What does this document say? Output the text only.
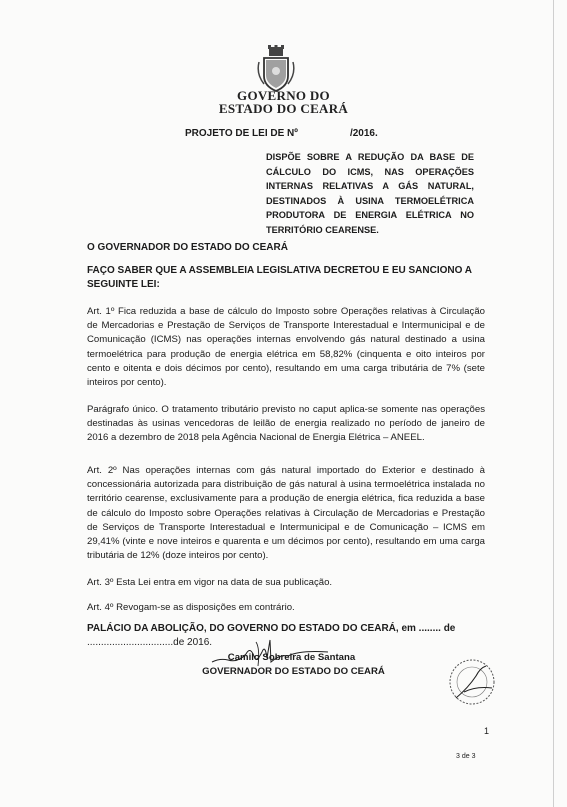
GOVERNO DO
ESTADO DO CEARÁ
PROJETO DE LEI DE Nº	/2016.
DISPÕE SOBRE A REDUÇÃO DA BASE DE CÁLCULO DO ICMS, NAS OPERAÇÕES INTERNAS RELATIVAS A GÁS NATURAL, DESTINADOS À USINA TERMOELÉTRICA PRODUTORA DE ENERGIA ELÉTRICA NO TERRITÓRIO CEARENSE.
O GOVERNADOR DO ESTADO DO CEARÁ
FAÇO SABER QUE A ASSEMBLEIA LEGISLATIVA DECRETOU E EU SANCIONO A SEGUINTE LEI:
Art. 1º Fica reduzida a base de cálculo do Imposto sobre Operações relativas à Circulação de Mercadorias e Prestação de Serviços de Transporte Interestadual e Intermunicipal e de Comunicação (ICMS) nas operações internas envolvendo gás natural destinado a usina termoelétrica para produção de energia elétrica em 58,82% (cinquenta e oito inteiros por cento e oitenta e dois décimos por cento), resultando em uma carga tributária de 7% (sete inteiros por cento).
Parágrafo único. O tratamento tributário previsto no caput aplica-se somente nas operações destinadas às usinas vencedoras de leilão de energia realizado no período de janeiro de 2016 a dezembro de 2018 pela Agência Nacional de Energia Elétrica – ANEEL.
Art. 2º Nas operações internas com gás natural importado do Exterior e destinado à concessionária autorizada para distribuição de gás natural à usina termoelétrica instalada no território cearense, exclusivamente para a produção de energia elétrica, fica reduzida a base de cálculo do Imposto sobre Operações relativas à Circulação de Mercadorias e Prestação de Serviços de Transporte Interestadual e Intermunicipal e de Comunicação – ICMS em 29,41% (vinte e nove inteiros e quarenta e um décimos por cento), resultando em uma carga tributária de 12% (doze inteiros por cento).
Art. 3º Esta Lei entra em vigor na data de sua publicação.
Art. 4º Revogam-se as disposições em contrário.
PALÁCIO DA ABOLIÇÃO, DO GOVERNO DO ESTADO DO CEARÁ, em ........ de
...............................de 2016.
Camilo Sobreira de Santana
GOVERNADOR DO ESTADO DO CEARÁ
1
3 de 3
